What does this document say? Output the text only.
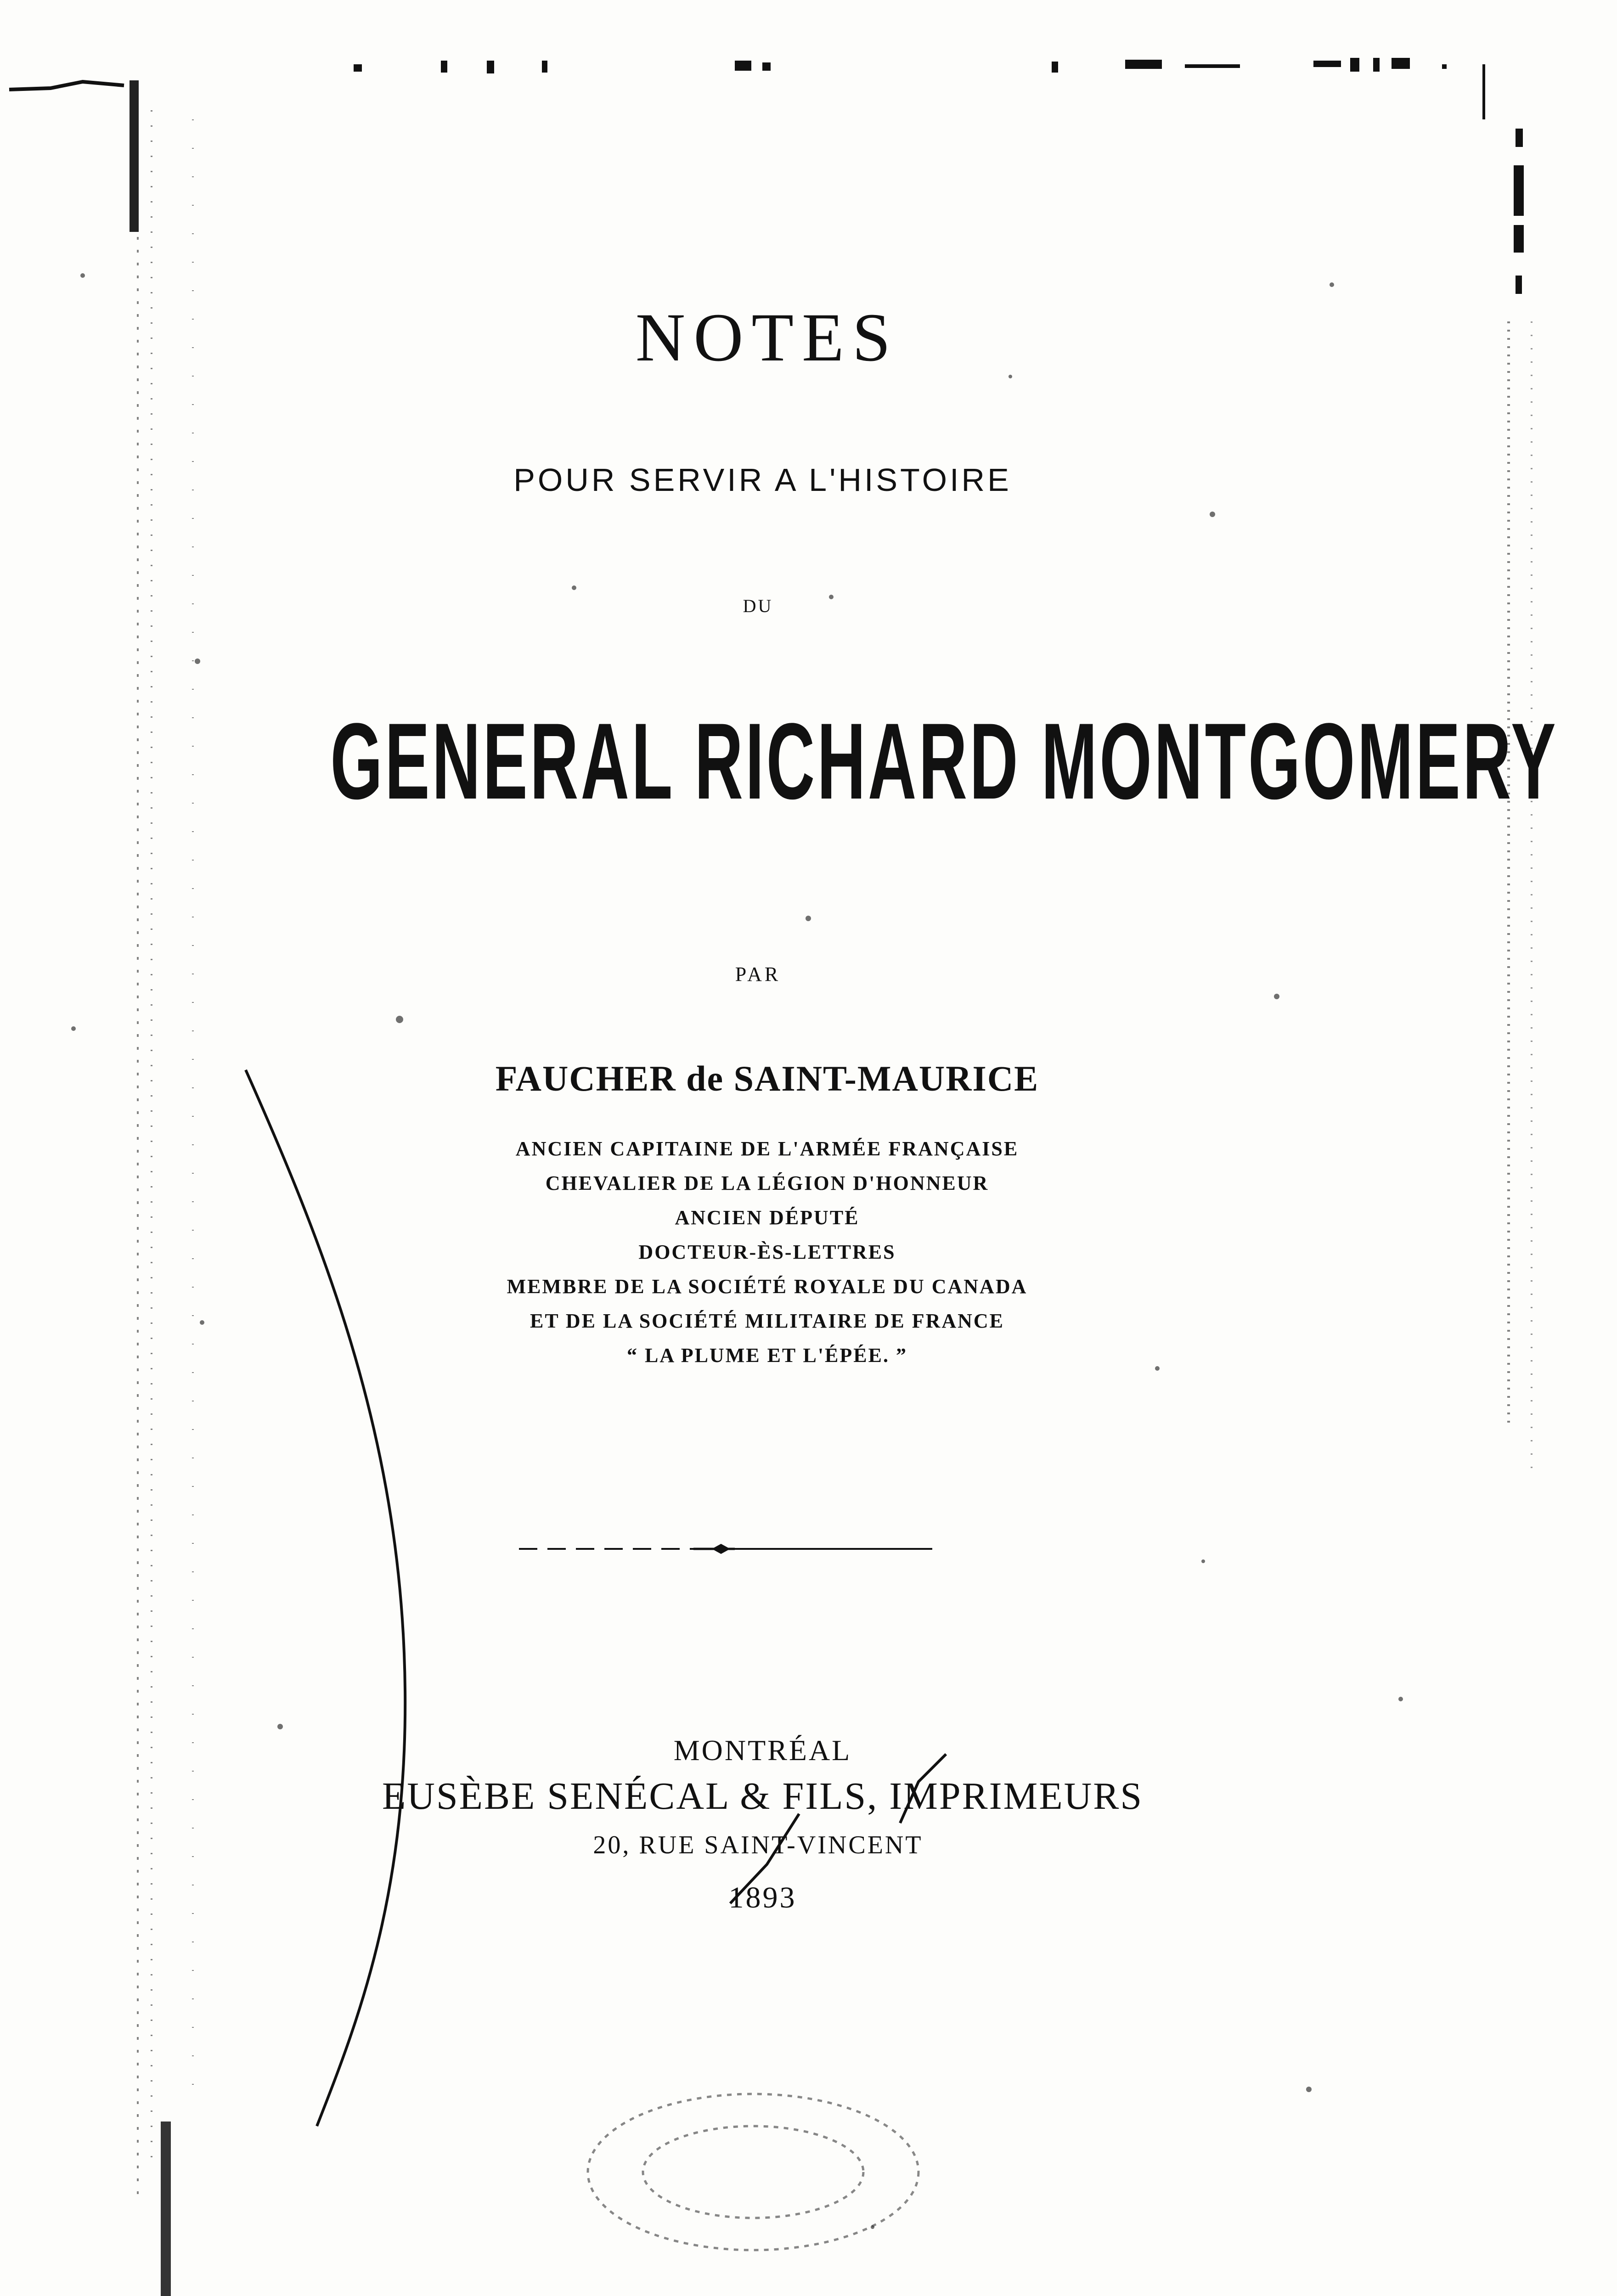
NOTES
POUR SERVIR A L'HISTOIRE
DU
GENERAL RICHARD MONTGOMERY
PAR
FAUCHER de SAINT-MAURICE
ANCIEN CAPITAINE DE L'ARMÉE FRANÇAISE
CHEVALIER DE LA LÉGION D'HONNEUR
ANCIEN DÉPUTÉ
DOCTEUR-ÈS-LETTRES
MEMBRE DE LA SOCIÉTÉ ROYALE DU CANADA
ET DE LA SOCIÉTÉ MILITAIRE DE FRANCE
“ LA PLUME ET L'ÉPÉE. ”
MONTRÉAL
EUSÈBE SENÉCAL & FILS, IMPRIMEURS
20, RUE SAINT-VINCENT
1893
